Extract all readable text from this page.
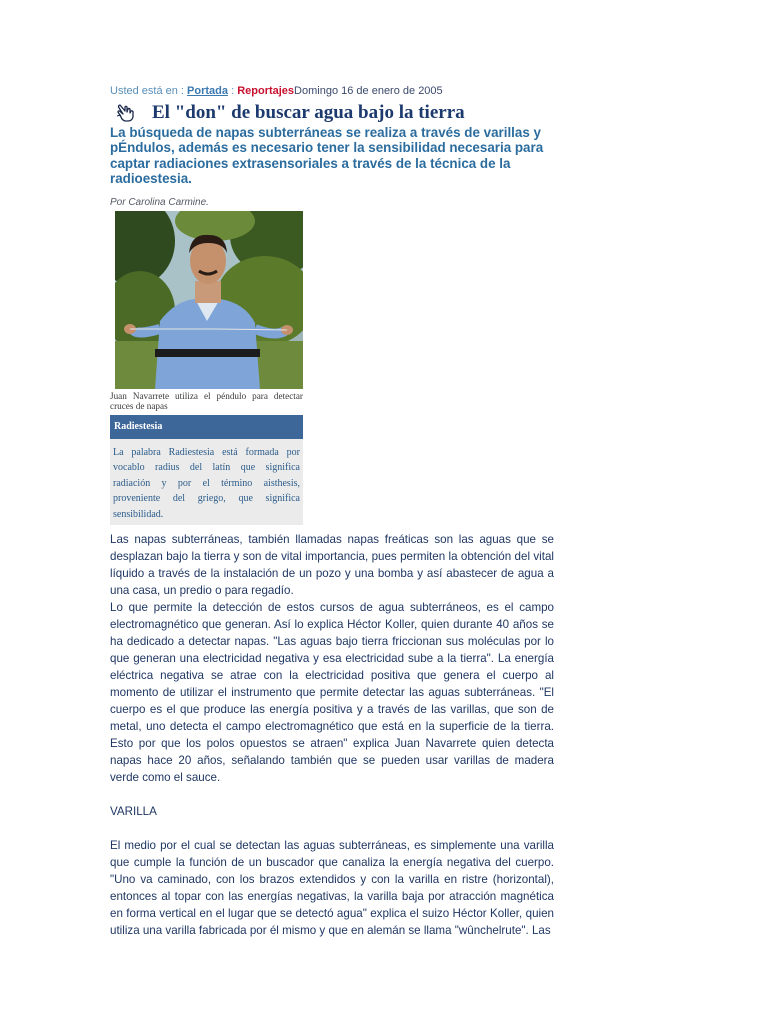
Usted está en : Portada : ReportajesDomingo 16 de enero de 2005
El "don" de buscar agua bajo la tierra
La búsqueda de napas subterráneas se realiza a través de varillas y pÉndulos, además es necesario tener la sensibilidad necesaria para captar radiaciones extrasensoriales a través de la técnica de la radioestesia.
Por Carolina Carmine.
Juan Navarrete utiliza el péndulo para detectar cruces de napas
Radiestesia

La palabra Radiestesia está formada por vocablo radius del latín que significa radiación y por el término aisthesis, proveniente del griego, que significa sensibilidad.

Las napas subterráneas, también llamadas napas freáticas son las aguas que se desplazan bajo la tierra y son de vital importancia, pues permiten la obtención del vital líquido a través de la instalación de un pozo y una bomba y así abastecer de agua a una casa, un predio o para regadío.

Lo que permite la detección de estos cursos de agua subterráneos, es el campo electromagnético que generan. Así lo explica Héctor Koller, quien durante 40 años se ha dedicado a detectar napas. "Las aguas bajo tierra friccionan sus moléculas por lo que generan una electricidad negativa y esa electricidad sube a la tierra". La energía eléctrica negativa se atrae con la electricidad positiva que genera el cuerpo al momento de utilizar el instrumento que permite detectar las aguas subterráneas. "El cuerpo es el que produce las energía positiva y a través de las varillas, que son de metal, uno detecta el campo electromagnético que está en la superficie de la tierra. Esto por que los polos opuestos se atraen" explica Juan Navarrete quien detecta napas hace 20 años, señalando también que se pueden usar varillas de madera verde como el sauce.

VARILLA

El medio por el cual se detectan las aguas subterráneas, es simplemente una varilla que cumple la función de un buscador que canaliza la energía negativa del cuerpo. "Uno va caminado, con los brazos extendidos y con la varilla en ristre (horizontal), entonces al topar con las energías negativas, la varilla baja por atracción magnética en forma vertical en el lugar que se detectó agua" explica el suizo Héctor Koller, quien utiliza una varilla fabricada por él mismo y que en alemán se llama "wûnchelrute". Las
